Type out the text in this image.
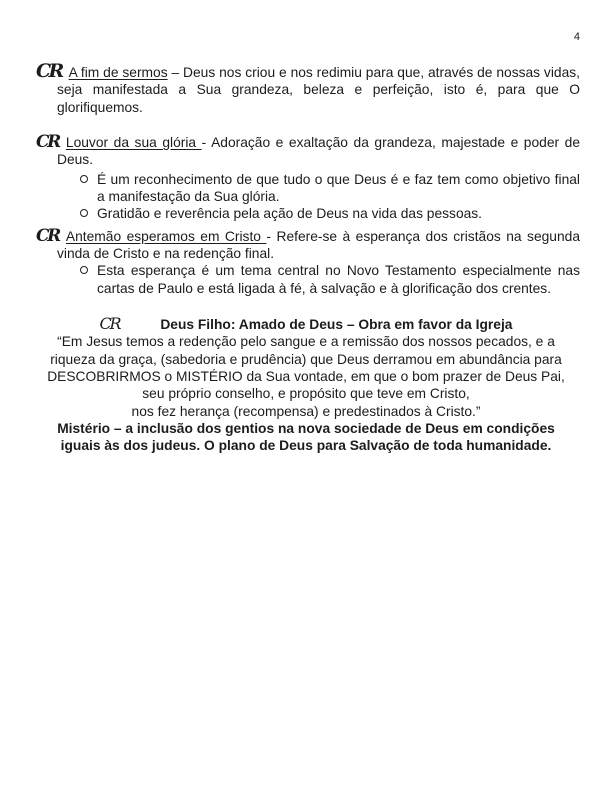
4
CR A fim de sermos – Deus nos criou e nos redimiu para que, através de nossas vidas,
seja manifestada a Sua grandeza, beleza e perfeição, isto é, para que O
glorifiquemos.
CR Louvor da sua glória - Adoração e exaltação da grandeza, majestade e poder de
Deus.
É um reconhecimento de que tudo o que Deus é e faz tem como objetivo final
a manifestação da Sua glória.
Gratidão e reverência pela ação de Deus na vida das pessoas.
CR Antemão esperamos em Cristo - Refere-se à esperança dos cristãos na segunda
vinda de Cristo e na redenção final.
Esta esperança é um tema central no Novo Testamento especialmente nas
cartas de Paulo e está ligada à fé, à salvação e à glorificação dos crentes.
CR	Deus Filho: Amado de Deus – Obra em favor da Igreja
“Em Jesus temos a redenção pelo sangue e a remissão dos nossos pecados, e a
riqueza da graça, (sabedoria e prudência) que Deus derramou em abundância para
DESCOBRIRMOS o MISTÉRIO da Sua vontade, em que o bom prazer de Deus Pai,
seu próprio conselho, e propósito que teve em Cristo,
nos fez herança (recompensa) e predestinados à Cristo.”
Mistério – a inclusão dos gentios na nova sociedade de Deus em condições
iguais às dos judeus. O plano de Deus para Salvação de toda humanidade.
